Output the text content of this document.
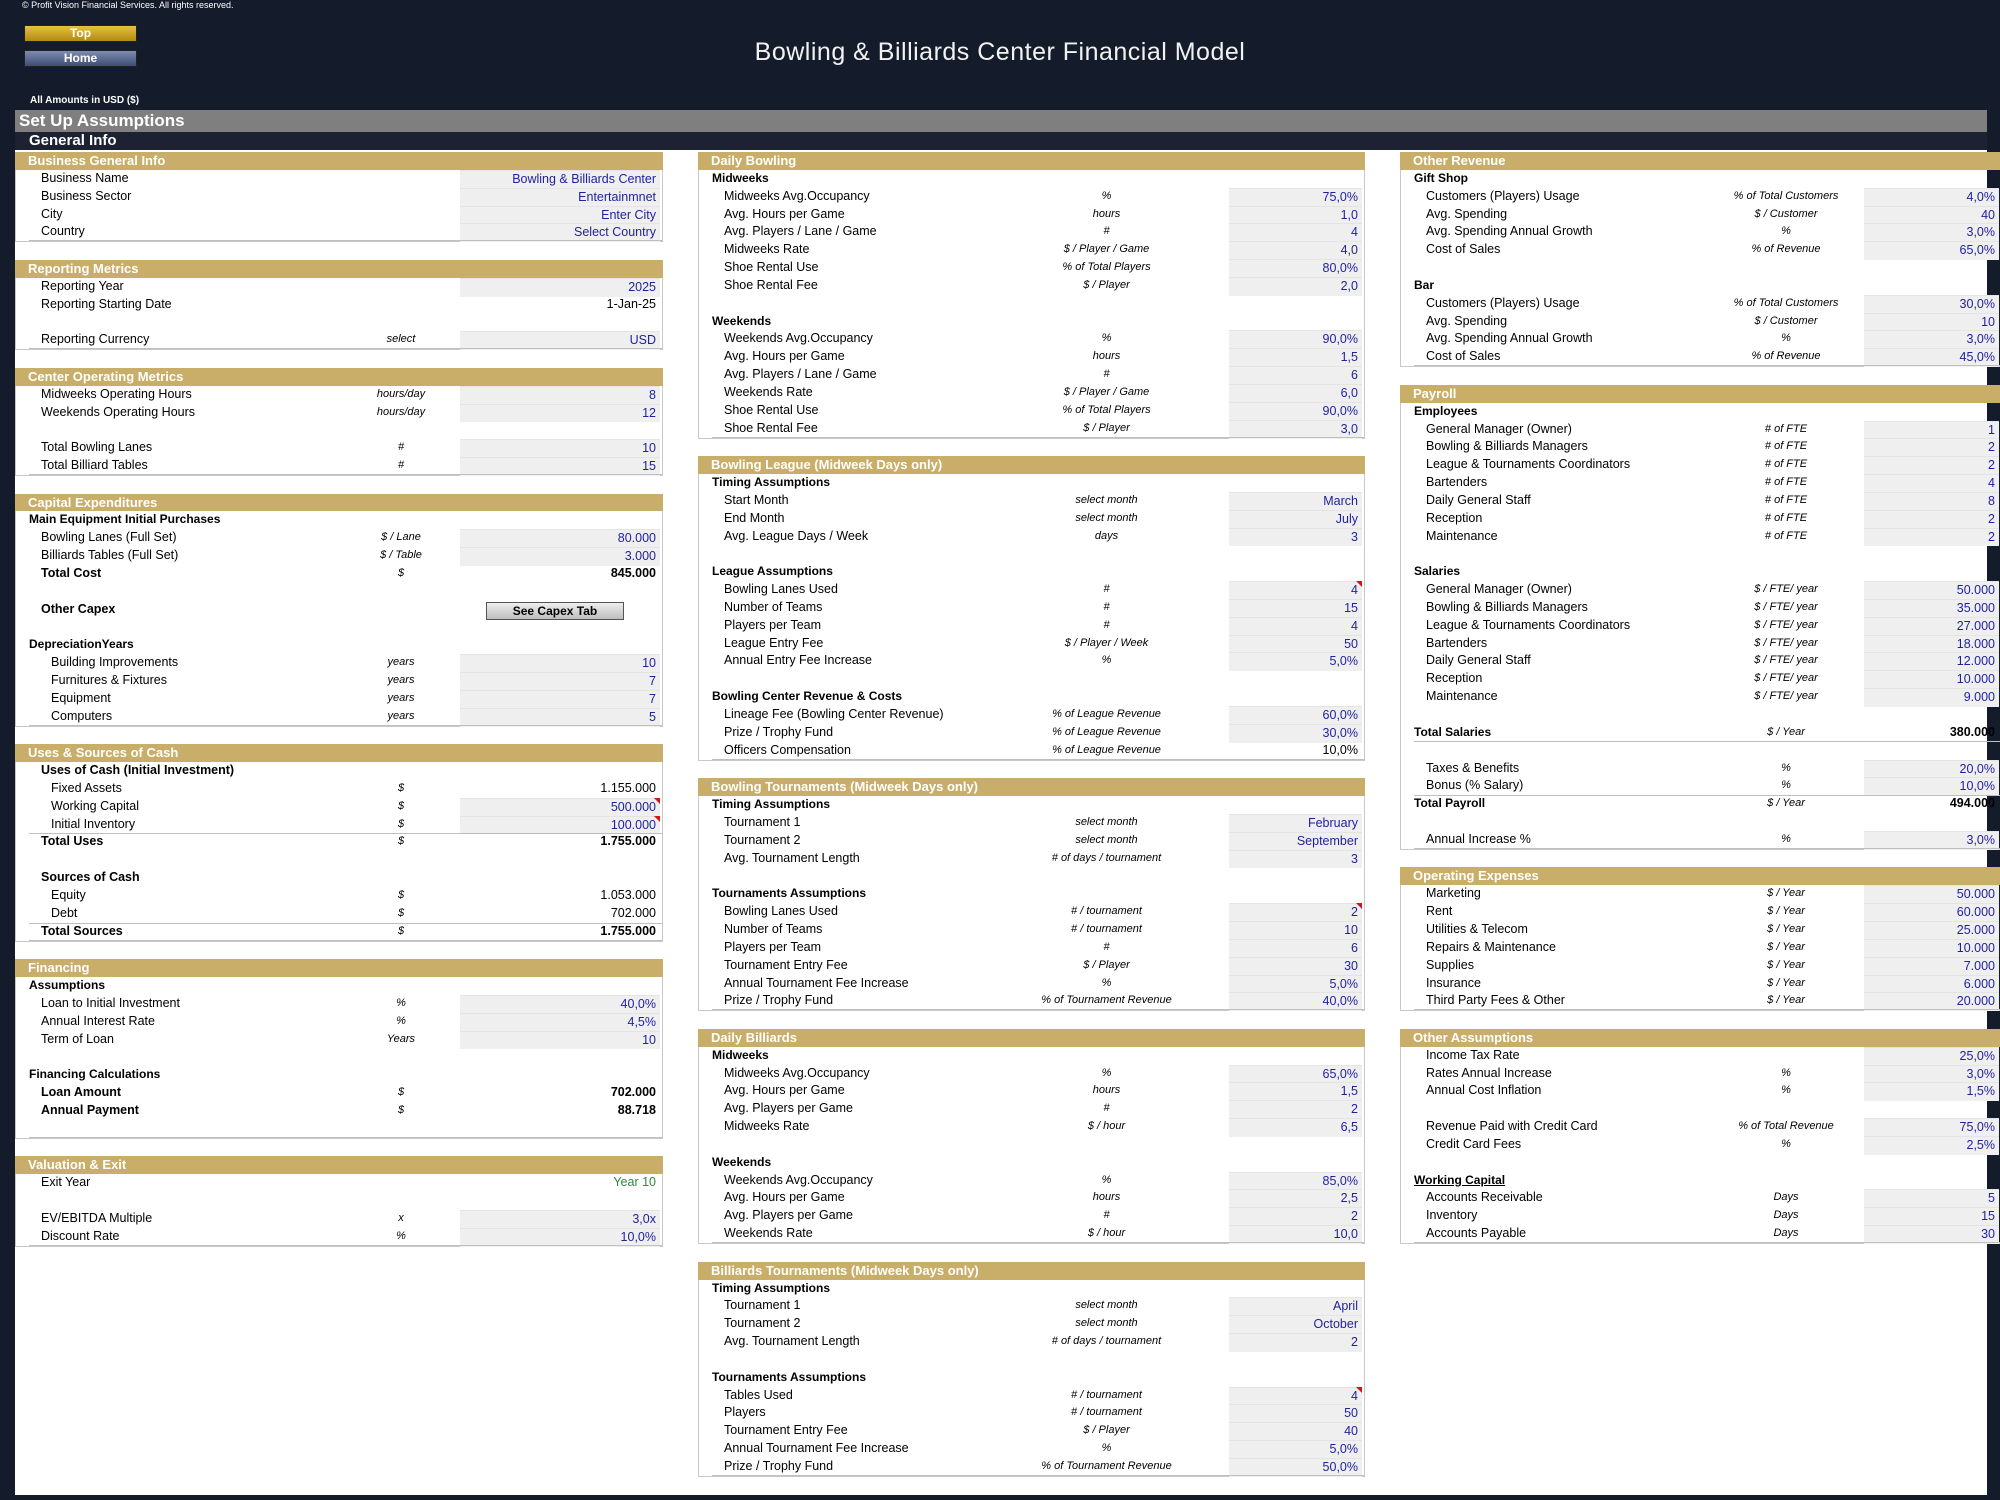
© Profit Vision Financial Services. All rights reserved.
Top
Home	Bowling & Billiards Center Financial Model
All Amounts in USD ($)
Set Up Assumptions
General Info
Business General Info
Business Name	Bowling & Billiards Center
Business Sector	Entertainmnet
City	Enter City
Country	Select Country
Reporting Metrics
Reporting Year	2025
Reporting Starting Date	1-Jan-25
Reporting Currency	select	USD
Center Operating Metrics
Midweeks Operating Hours	hours/day	8
Weekends Operating Hours	hours/day	12
Total Bowling Lanes	#	10
Total Billiard Tables	#	15
Capital Expenditures
Main Equipment Initial Purchases
Bowling Lanes (Full Set)	$ / Lane	80.000
Billiards Tables (Full Set)	$ / Table	3.000
Total Cost	$	845.000
Other Capex	See Capex Tab
DepreciationYears
Building Improvements	years	10
Furnitures & Fixtures	years	7
Equipment	years	7
Computers	years	5
Uses & Sources of Cash
Uses of Cash (Initial Investment)
Fixed Assets	$	1.155.000
Working Capital	$	500.000
Initial Inventory	$	100.000
Total Uses	$	1.755.000
Sources of Cash
Equity	$	1.053.000
Debt	$	702.000
Total Sources	$	1.755.000
Financing
Assumptions
Loan to Initial Investment	%	40,0%
Annual Interest Rate	%	4,5%
Term of Loan	Years	10
Financing Calculations
Loan Amount	$	702.000
Annual Payment	$	88.718
Valuation & Exit
Exit Year	Year 10
EV/EBITDA Multiple	x	3,0x
Discount Rate	%	10,0%
Daily Bowling
Midweeks
Midweeks Avg.Occupancy	%	75,0%
Avg. Hours per Game	hours	1,0
Avg. Players / Lane / Game	#	4
Midweeks Rate	$ / Player / Game	4,0
Shoe Rental Use	% of Total Players	80,0%
Shoe Rental Fee	$ / Player	2,0
Weekends
Weekends Avg.Occupancy	%	90,0%
Avg. Hours per Game	hours	1,5
Avg. Players / Lane / Game	#	6
Weekends Rate	$ / Player / Game	6,0
Shoe Rental Use	% of Total Players	90,0%
Shoe Rental Fee	$ / Player	3,0
Bowling League (Midweek Days only)
Timing Assumptions
Start Month	select month	March
End Month	select month	July
Avg. League Days / Week	days	3
League Assumptions
Bowling Lanes Used	#	4
Number of Teams	#	15
Players per Team	#	4
League Entry Fee	$ / Player / Week	50
Annual Entry Fee Increase	%	5,0%
Bowling Center Revenue & Costs
Lineage Fee (Bowling Center Revenue)	% of League Revenue	60,0%
Prize / Trophy Fund	% of League Revenue	30,0%
Officers Compensation	% of League Revenue	10,0%
Bowling Tournaments (Midweek Days only)
Timing Assumptions
Tournament 1	select month	February
Tournament 2	select month	September
Avg. Tournament Length	# of days / tournament	3
Tournaments Assumptions
Bowling Lanes Used	# / tournament	2
Number of Teams	# / tournament	10
Players per Team	#	6
Tournament Entry Fee	$ / Player	30
Annual Tournament Fee Increase	%	5,0%
Prize / Trophy Fund	% of Tournament Revenue	40,0%
Daily Billiards
Midweeks
Midweeks Avg.Occupancy	%	65,0%
Avg. Hours per Game	hours	1,5
Avg. Players per Game	#	2
Midweeks Rate	$ / hour	6,5
Weekends
Weekends Avg.Occupancy	%	85,0%
Avg. Hours per Game	hours	2,5
Avg. Players per Game	#	2
Weekends Rate	$ / hour	10,0
Billiards Tournaments (Midweek Days only)
Timing Assumptions
Tournament 1	select month	April
Tournament 2	select month	October
Avg. Tournament Length	# of days / tournament	2
Tournaments Assumptions
Tables Used	# / tournament	4
Players	# / tournament	50
Tournament Entry Fee	$ / Player	40
Annual Tournament Fee Increase	%	5,0%
Prize / Trophy Fund	% of Tournament Revenue	50,0%
Other Revenue
Gift Shop
Customers (Players) Usage	% of Total Customers	4,0%
Avg. Spending	$ / Customer	40
Avg. Spending Annual Growth	%	3,0%
Cost of Sales	% of Revenue	65,0%
Bar
Customers (Players) Usage	% of Total Customers	30,0%
Avg. Spending	$ / Customer	10
Avg. Spending Annual Growth	%	3,0%
Cost of Sales	% of Revenue	45,0%
Payroll
Employees
General Manager (Owner)	# of FTE	1
Bowling & Billiards Managers	# of FTE	2
League & Tournaments Coordinators	# of FTE	2
Bartenders	# of FTE	4
Daily General Staff	# of FTE	8
Reception	# of FTE	2
Maintenance	# of FTE	2
Salaries
General Manager (Owner)	$ / FTE/ year	50.000
Bowling & Billiards Managers	$ / FTE/ year	35.000
League & Tournaments Coordinators	$ / FTE/ year	27.000
Bartenders	$ / FTE/ year	18.000
Daily General Staff	$ / FTE/ year	12.000
Reception	$ / FTE/ year	10.000
Maintenance	$ / FTE/ year	9.000
Total Salaries	$ / Year	380.000
Taxes & Benefits	%	20,0%
Bonus (% Salary)	%	10,0%
Total Payroll	$ / Year	494.000
Annual Increase %	%	3,0%
Operating Expenses
Marketing	$ / Year	50.000
Rent	$ / Year	60.000
Utilities & Telecom	$ / Year	25.000
Repairs & Maintenance	$ / Year	10.000
Supplies	$ / Year	7.000
Insurance	$ / Year	6.000
Third Party Fees & Other	$ / Year	20.000
Other Assumptions
Income Tax Rate	25,0%
Rates Annual Increase	%	3,0%
Annual Cost Inflation	%	1,5%
Revenue Paid with Credit Card	% of Total Revenue	75,0%
Credit Card Fees	%	2,5%
Working Capital
Accounts Receivable	Days	5
Inventory	Days	15
Accounts Payable	Days	30
